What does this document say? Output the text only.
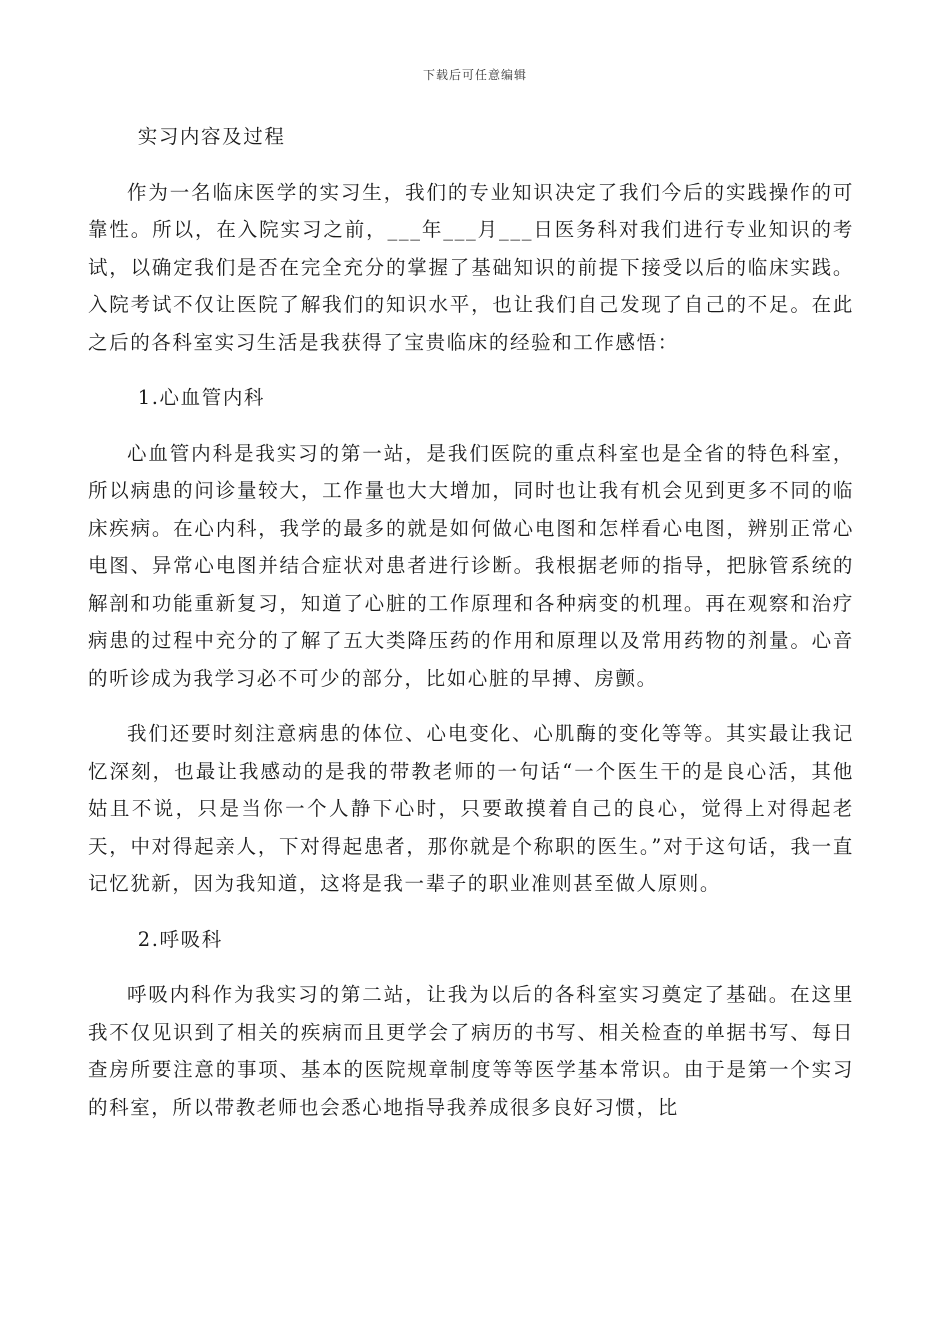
下载后可任意编辑

实习内容及过程

作为一名临床医学的实习生，我们的专业知识决定了我们今后的实践操作的可靠性。所以，在入院实习之前，___年___月___日医务科对我们进行专业知识的考试，以确定我们是否在完全充分的掌握了基础知识的前提下接受以后的临床实践。入院考试不仅让医院了解我们的知识水平，也让我们自己发现了自己的不足。在此之后的各科室实习生活是我获得了宝贵临床的经验和工作感悟：

1.心血管内科

心血管内科是我实习的第一站，是我们医院的重点科室也是全省的特色科室，所以病患的问诊量较大，工作量也大大增加，同时也让我有机会见到更多不同的临床疾病。在心内科，我学的最多的就是如何做心电图和怎样看心电图，辨别正常心电图、异常心电图并结合症状对患者进行诊断。我根据老师的指导，把脉管系统的解剖和功能重新复习，知道了心脏的工作原理和各种病变的机理。再在观察和治疗病患的过程中充分的了解了五大类降压药的作用和原理以及常用药物的剂量。心音的听诊成为我学习必不可少的部分，比如心脏的早搏、房颤。

我们还要时刻注意病患的体位、心电变化、心肌酶的变化等等。其实最让我记忆深刻，也最让我感动的是我的带教老师的一句话“一个医生干的是良心活，其他姑且不说，只是当你一个人静下心时，只要敢摸着自己的良心，觉得上对得起老天，中对得起亲人，下对得起患者，那你就是个称职的医生。”对于这句话，我一直记忆犹新，因为我知道，这将是我一辈子的职业准则甚至做人原则。

2.呼吸科

呼吸内科作为我实习的第二站，让我为以后的各科室实习奠定了基础。在这里我不仅见识到了相关的疾病而且更学会了病历的书写、相关检查的单据书写、每日查房所要注意的事项、基本的医院规章制度等等医学基本常识。由于是第一个实习的科室，所以带教老师也会悉心地指导我养成很多良好习惯，比
